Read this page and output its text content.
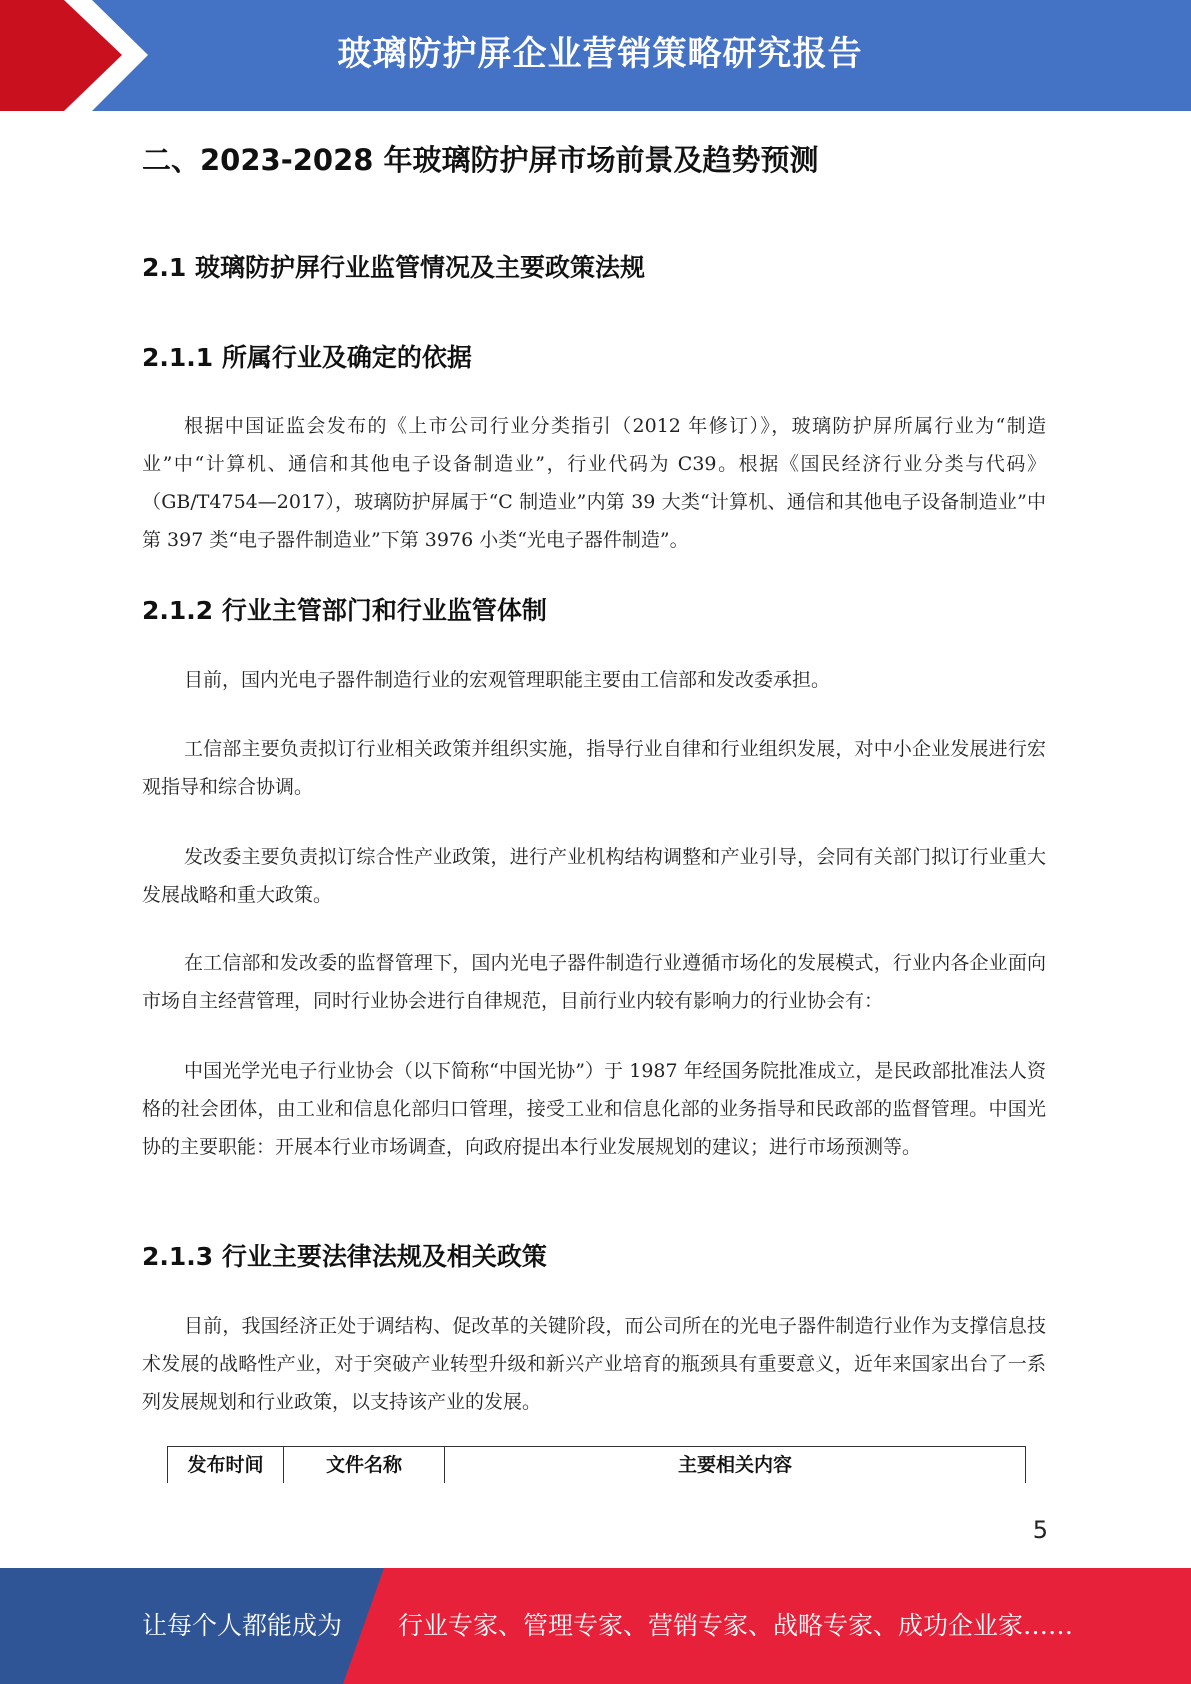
玻璃防护屏企业营销策略研究报告
二、2023-2028 年玻璃防护屏市场前景及趋势预测
2.1 玻璃防护屏行业监管情况及主要政策法规
2.1.1 所属行业及确定的依据
根据中国证监会发布的《上市公司行业分类指引（2012 年修订）》，玻璃防护屏所属行业为“制造业”中“计算机、通信和其他电子设备制造业”，行业代码为 C39。根据《国民经济行业分类与代码》（GB/T4754—2017），玻璃防护屏属于“C 制造业”内第 39 大类“计算机、通信和其他电子设备制造业”中第 397 类“电子器件制造业”下第 3976 小类“光电子器件制造”。
2.1.2 行业主管部门和行业监管体制
目前，国内光电子器件制造行业的宏观管理职能主要由工信部和发改委承担。
工信部主要负责拟订行业相关政策并组织实施，指导行业自律和行业组织发展，对中小企业发展进行宏观指导和综合协调。
发改委主要负责拟订综合性产业政策，进行产业机构结构调整和产业引导，会同有关部门拟订行业重大发展战略和重大政策。
在工信部和发改委的监督管理下，国内光电子器件制造行业遵循市场化的发展模式，行业内各企业面向市场自主经营管理，同时行业协会进行自律规范，目前行业内较有影响力的行业协会有：
中国光学光电子行业协会（以下简称“中国光协”）于 1987 年经国务院批准成立，是民政部批准法人资格的社会团体，由工业和信息化部归口管理，接受工业和信息化部的业务指导和民政部的监督管理。中国光协的主要职能：开展本行业市场调查，向政府提出本行业发展规划的建议；进行市场预测等。
2.1.3 行业主要法律法规及相关政策
目前，我国经济正处于调结构、促改革的关键阶段，而公司所在的光电子器件制造行业作为支撑信息技术发展的战略性产业，对于突破产业转型升级和新兴产业培育的瓶颈具有重要意义，近年来国家出台了一系列发展规划和行业政策，以支持该产业的发展。
发布时间	文件名称	主要相关内容
5
让每个人都能成为 行业专家、管理专家、营销专家、战略专家、成功企业家……
